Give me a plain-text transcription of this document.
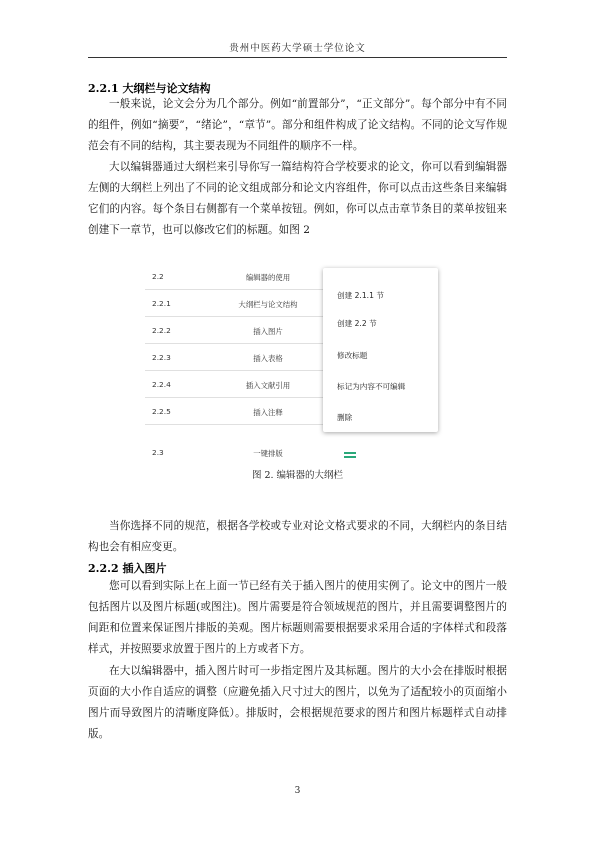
贵州中医药大学硕士学位论文
2.2.1 大纲栏与论文结构

一般来说，论文会分为几个部分。例如“前置部分”，“正文部分”。每个部分中有不同的组件，例如“摘要”，“绪论”，“章节”。部分和组件构成了论文结构。不同的论文写作规范会有不同的结构，其主要表现为不同组件的顺序不一样。

大以编辑器通过大纲栏来引导你写一篇结构符合学校要求的论文，你可以看到编辑器左侧的大纲栏上列出了不同的论文组成部分和论文内容组件，你可以点击这些条目来编辑它们的内容。每个条目右侧都有一个菜单按钮。例如，你可以点击章节条目的菜单按钮来创建下一章节，也可以修改它们的标题。如图 2

2.2	编辑器的使用
2.2.1	大纲栏与论文结构
2.2.2	插入图片
2.2.3	插入表格
2.2.4	插入文献引用
2.2.5	插入注释
2.3	一键排版
创建 2.1.1 节
创建 2.2 节
修改标题
标记为内容不可编辑
删除
图 2. 编辑器的大纲栏

当你选择不同的规范，根据各学校或专业对论文格式要求的不同，大纲栏内的条目结构也会有相应变更。

2.2.2 插入图片

您可以看到实际上在上面一节已经有关于插入图片的使用实例了。论文中的图片一般包括图片以及图片标题(或图注)。图片需要是符合领域规范的图片，并且需要调整图片的间距和位置来保证图片排版的美观。图片标题则需要根据要求采用合适的字体样式和段落样式，并按照要求放置于图片的上方或者下方。

在大以编辑器中，插入图片时可一步指定图片及其标题。图片的大小会在排版时根据页面的大小作自适应的调整（应避免插入尺寸过大的图片，以免为了适配较小的页面缩小图片而导致图片的清晰度降低）。排版时，会根据规范要求的图片和图片标题样式自动排版。

3
